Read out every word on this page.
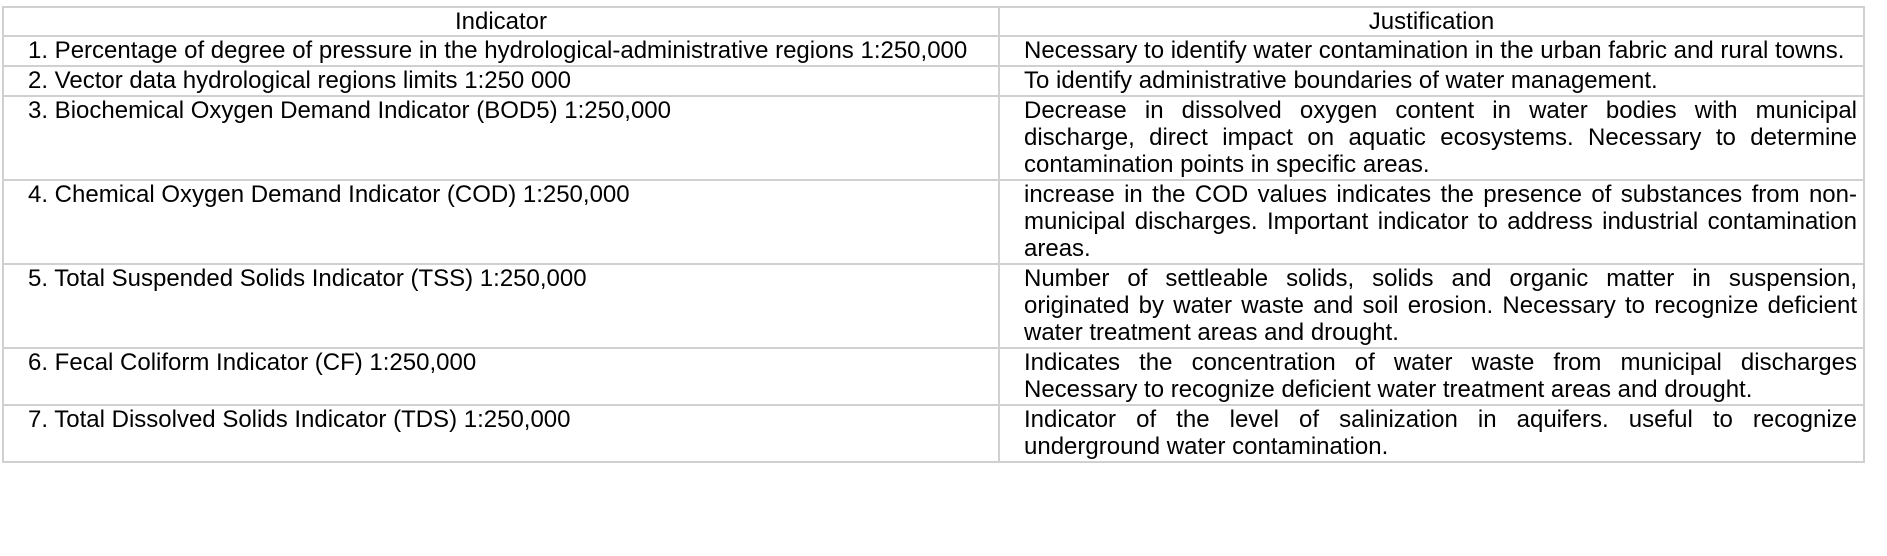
Indicator	Justification
1. Percentage of degree of pressure in the hydrological-administrative regions 1:250,000	Necessary to identify water contamination in the urban fabric and rural towns.
2. Vector data hydrological regions limits 1:250 000	To identify administrative boundaries of water management.
3. Biochemical Oxygen Demand Indicator (BOD5) 1:250,000	Decrease in dissolved oxygen content in water bodies with municipal discharge, direct impact on aquatic ecosystems. Necessary to determine contamination points in specific areas.
4. Chemical Oxygen Demand Indicator (COD) 1:250,000	increase in the COD values indicates the presence of substances from non-municipal discharges. Important indicator to address industrial contamination areas.
5. Total Suspended Solids Indicator (TSS) 1:250,000	Number of settleable solids, solids and organic matter in suspension, originated by water waste and soil erosion. Necessary to recognize deficient water treatment areas and drought.
6. Fecal Coliform Indicator (CF) 1:250,000	Indicates the concentration of water waste from municipal discharges Necessary to recognize deficient water treatment areas and drought.
7. Total Dissolved Solids Indicator (TDS) 1:250,000	Indicator of the level of salinization in aquifers. useful to recognize underground water contamination.
